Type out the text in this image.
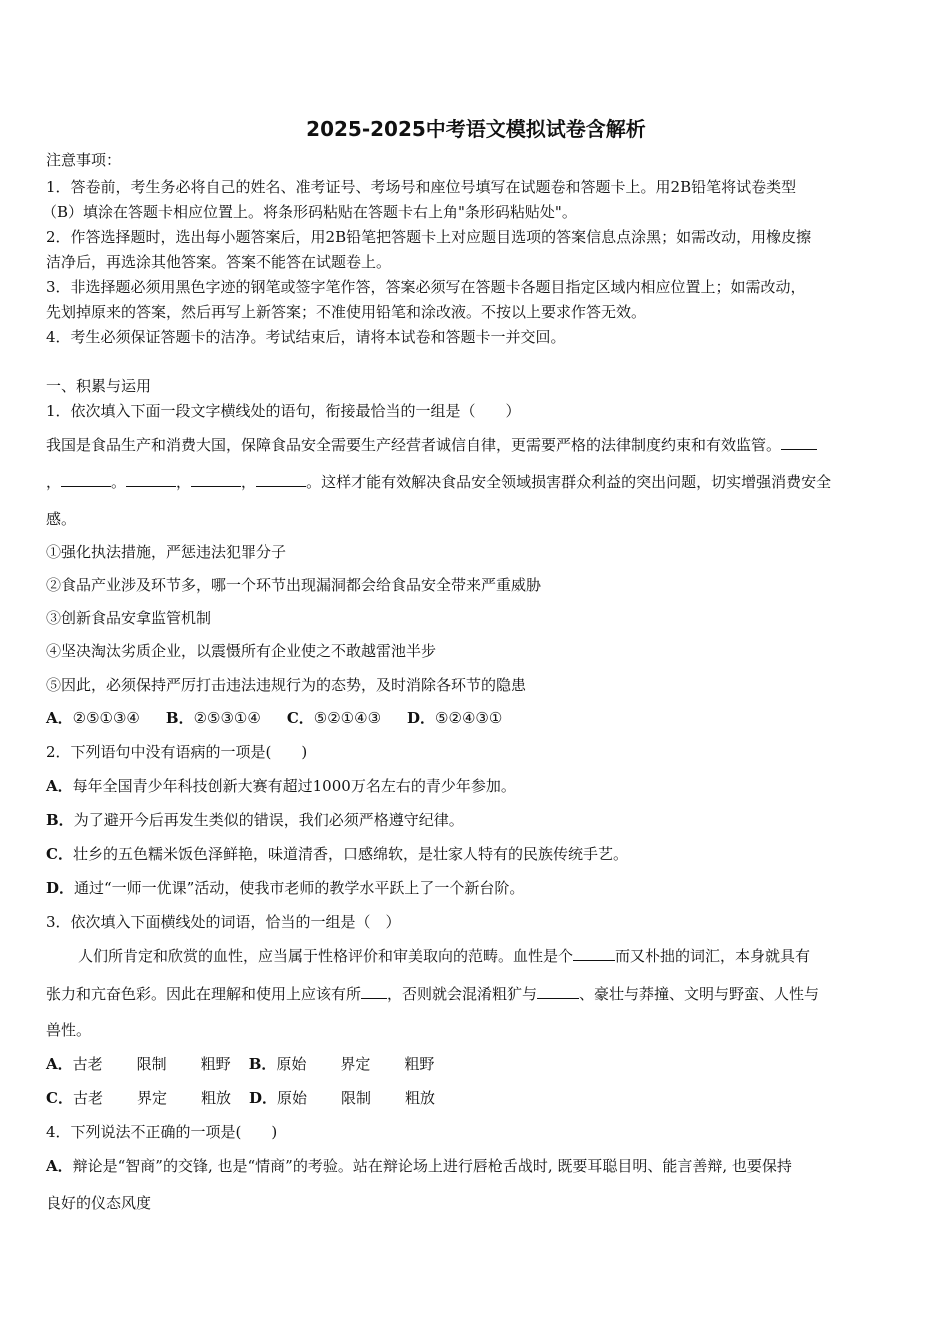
2025-2025中考语文模拟试卷含解析
注意事项：
1．答卷前，考生务必将自己的姓名、准考证号、考场号和座位号填写在试题卷和答题卡上。用2B铅笔将试卷类型
（B）填涂在答题卡相应位置上。将条形码粘贴在答题卡右上角"条形码粘贴处"。
2．作答选择题时，选出每小题答案后，用2B铅笔把答题卡上对应题目选项的答案信息点涂黑；如需改动，用橡皮擦
洁净后，再选涂其他答案。答案不能答在试题卷上。
3．非选择题必须用黑色字迹的钢笔或签字笔作答，答案必须写在答题卡各题目指定区域内相应位置上；如需改动，
先划掉原来的答案，然后再写上新答案；不准使用铅笔和涂改液。不按以上要求作答无效。
4．考生必须保证答题卡的洁净。考试结束后，请将本试卷和答题卡一并交回。
一、积累与运用
1．依次填入下面一段文字横线处的语句，衔接最恰当的一组是（　　）
我国是食品生产和消费大国，保障食品安全需要生产经营者诚信自律，更需要严格的法律制度约束和有效监管。
，	。	，	，	。这样才能有效解决食品安全领域损害群众利益的突出问题，切实增强消费安全
感。
①强化执法措施，严惩违法犯罪分子
②食品产业涉及环节多，哪一个环节出现漏洞都会给食品安全带来严重威胁
③创新食品安拿监管机制
④坚决淘汰劣质企业，以震慑所有企业使之不敢越雷池半步
⑤因此，必须保持严厉打击违法违规行为的态势，及时消除各环节的隐患
A．②⑤①③④ B．②⑤③①④ C．⑤②①④③ D．⑤②④③①
2．下列语句中没有语病的一项是(　　)
A．每年全国青少年科技创新大赛有超过1000万名左右的青少年参加。
B．为了避开今后再发生类似的错误，我们必须严格遵守纪律。
C．壮乡的五色糯米饭色泽鲜艳，味道清香，口感绵软，是壮家人特有的民族传统手艺。
D．通过“一师一优课”活动，使我市老师的教学水平跃上了一个新台阶。
3．依次填入下面横线处的词语，恰当的一组是（　）
人们所肯定和欣赏的血性，应当属于性格评价和审美取向的范畴。血性是个	而又朴拙的词汇，本身就具有
张力和亢奋色彩。因此在理解和使用上应该有所 ，否则就会混淆粗犷与	、豪壮与莽撞、文明与野蛮、人性与
兽性。
A．古老 限制 粗野 B．原始 界定 粗野
C．古老 界定 粗放 D．原始 限制 粗放
4．下列说法不正确的一项是(　　)
A．辩论是“智商”的交锋, 也是“情商”的考验。站在辩论场上进行唇枪舌战时, 既要耳聪目明、能言善辩, 也要保持
良好的仪态风度
